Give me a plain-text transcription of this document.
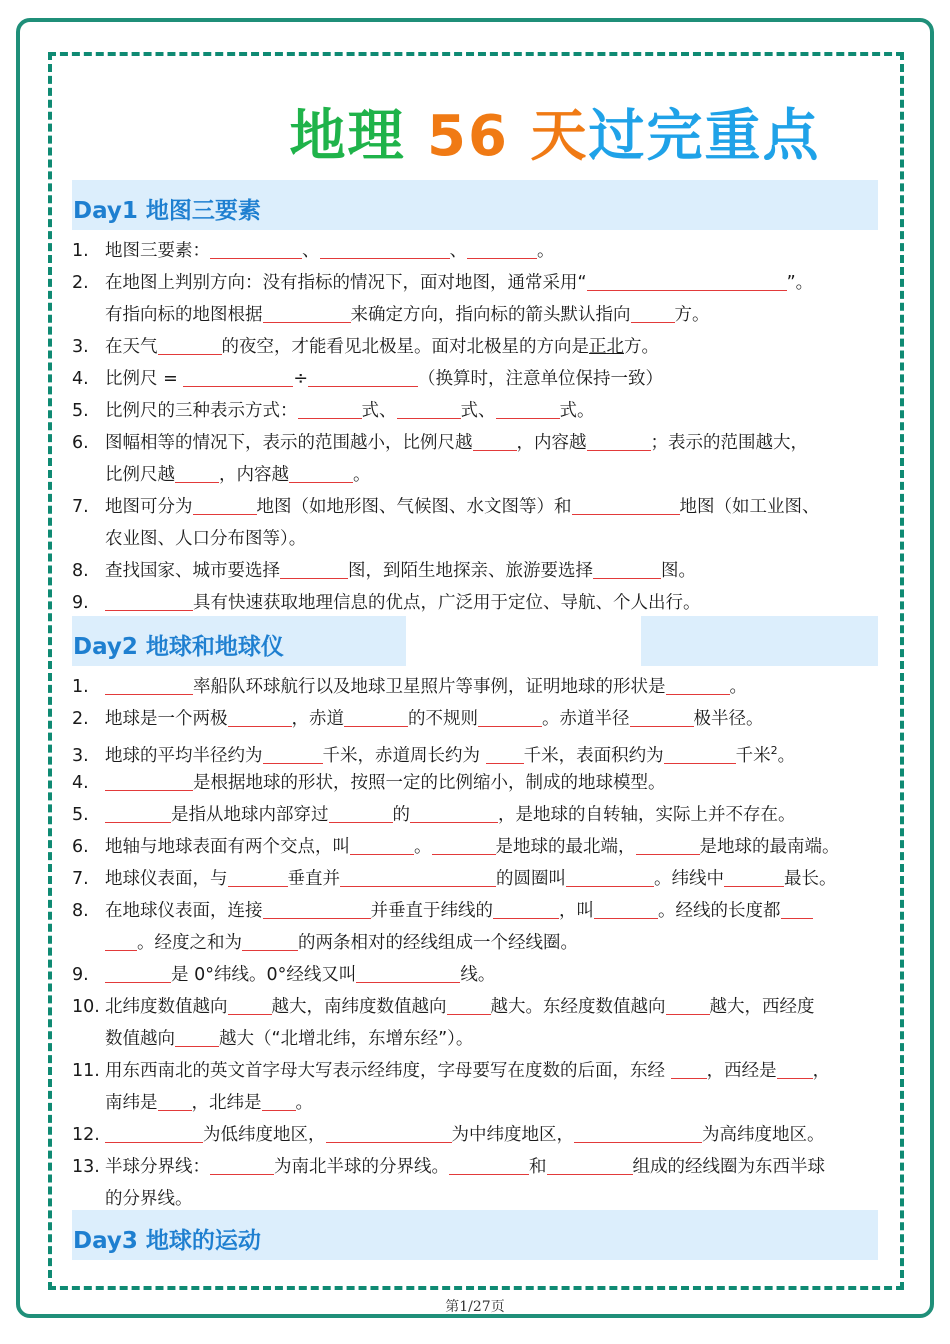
地理 56 天过完重点
Day1 地图三要素
1. 地图三要素：	、	、	。
2. 在地图上判别方向：没有指标的情况下，面对地图，通常采用“	”。
有指向标的地图根据	来确定方向，指向标的箭头默认指向	方。
3. 在天气	的夜空，才能看见北极星。面对北极星的方向是正北方。
4. 比例尺 =	÷	（换算时，注意单位保持一致）
5. 比例尺的三种表示方式：	式、	式、	式。
6. 图幅相等的情况下，表示的范围越小，比例尺越	，内容越	；表示的范围越大，
比例尺越	，内容越	。
7. 地图可分为	地图（如地形图、气候图、水文图等）和	地图（如工业图、
农业图、人口分布图等）。
8. 查找国家、城市要选择	图，到陌生地探亲、旅游要选择	图。
9.	具有快速获取地理信息的优点，广泛用于定位、导航、个人出行。
Day2 地球和地球仪
1.	率船队环球航行以及地球卫星照片等事例，证明地球的形状是	。
2. 地球是一个两极	，赤道	的不规则	。赤道半径	极半径。
3. 地球的平均半径约为	千米，赤道周长约为 千米，表面积约为	千米$^2$。
4.	是根据地球的形状，按照一定的比例缩小，制成的地球模型。
5.	是指从地球内部穿过	的	，是地球的自转轴，实际上并不存在。
6. 地轴与地球表面有两个交点，叫	。	是地球的最北端，	是地球的最南端。
7. 地球仪表面，与	垂直并	的圆圈叫	。纬线中	最长。
8. 在地球仪表面，连接	并垂直于纬线的	，叫	。经线的长度都
。经度之和为	的两条相对的经线组成一个经线圈。
9.	是 0°纬线。0°经线又叫	线。
10. 北纬度数值越向	越大，南纬度数值越向	越大。东经度数值越向	越大，西经度
数值越向	越大（“北增北纬，东增东经”）。
11. 用东西南北的英文首字母大写表示经纬度，字母要写在度数的后面，东经 ，西经是 ，
南纬是 ，北纬是 。
12.	为低纬度地区，	为中纬度地区，	为高纬度地区。
13. 半球分界线：	为南北半球的分界线。	和	组成的经线圈为东西半球
的分界线。
Day3 地球的运动
第1/27页
